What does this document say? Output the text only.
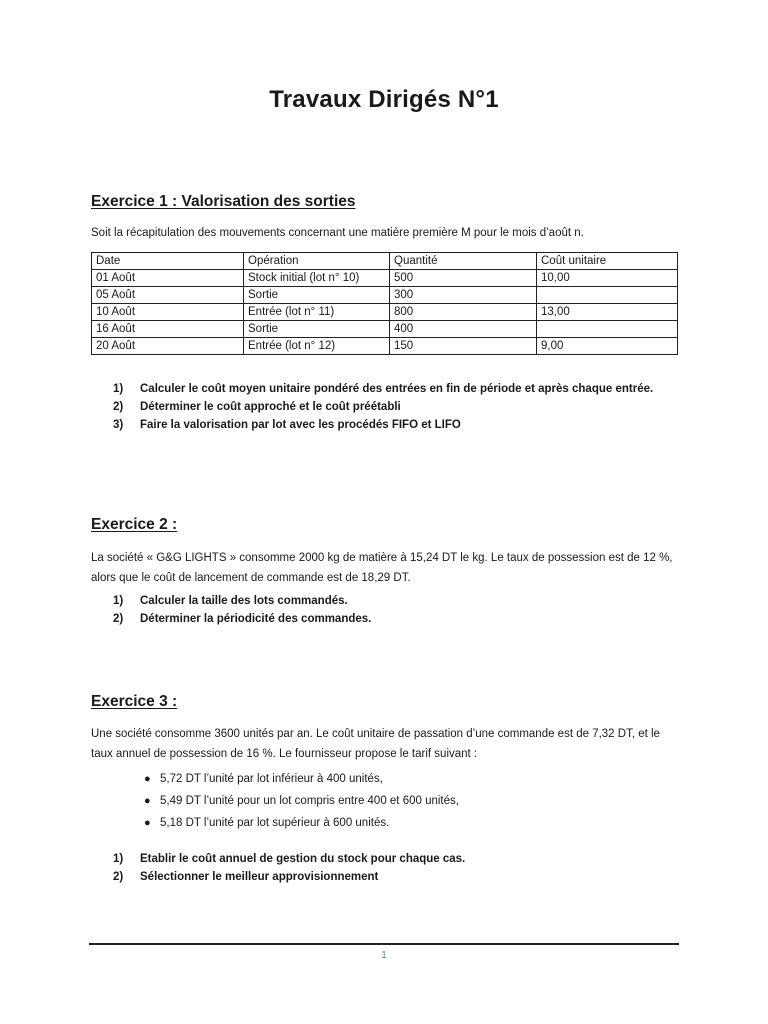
Travaux Dirigés N°1
Exercice 1 : Valorisation des sorties
Soit la récapitulation des mouvements concernant une matière première M pour le mois d’août n.
Date	Opération	Quantité	Coût unitaire
01 Août	Stock initial (lot n° 10)	500	10,00
05 Août	Sortie	300	
10 Août	Entrée (lot n° 11)	800	13,00
16 Août	Sortie	400	
20 Août	Entrée (lot n° 12)	150	9,00
1)	Calculer le coût moyen unitaire pondéré des entrées en fin de période et après chaque entrée.
2)	Déterminer le coût approché et le coût préétabli
3)	Faire la valorisation par lot avec les procédés FIFO et LIFO
Exercice 2 :
La société « G&G LIGHTS » consomme 2000 kg de matière à 15,24 DT le kg. Le taux de possession est de 12 %, alors que le coût de lancement de commande est de 18,29 DT.
1)	Calculer la taille des lots commandés.
2)	Déterminer la périodicité des commandes.
Exercice 3 :
Une société consomme 3600 unités par an. Le coût unitaire de passation d’une commande est de 7,32 DT, et le taux annuel de possession de 16 %. Le fournisseur propose le tarif suivant :
● 5,72 DT l’unité par lot inférieur à 400 unités,
● 5,49 DT l’unité pour un lot compris entre 400 et 600 unités,
● 5,18 DT l’unité par lot supérieur à 600 unités.
1)	Etablir le coût annuel de gestion du stock pour chaque cas.
2)	Sélectionner le meilleur approvisionnement
1
